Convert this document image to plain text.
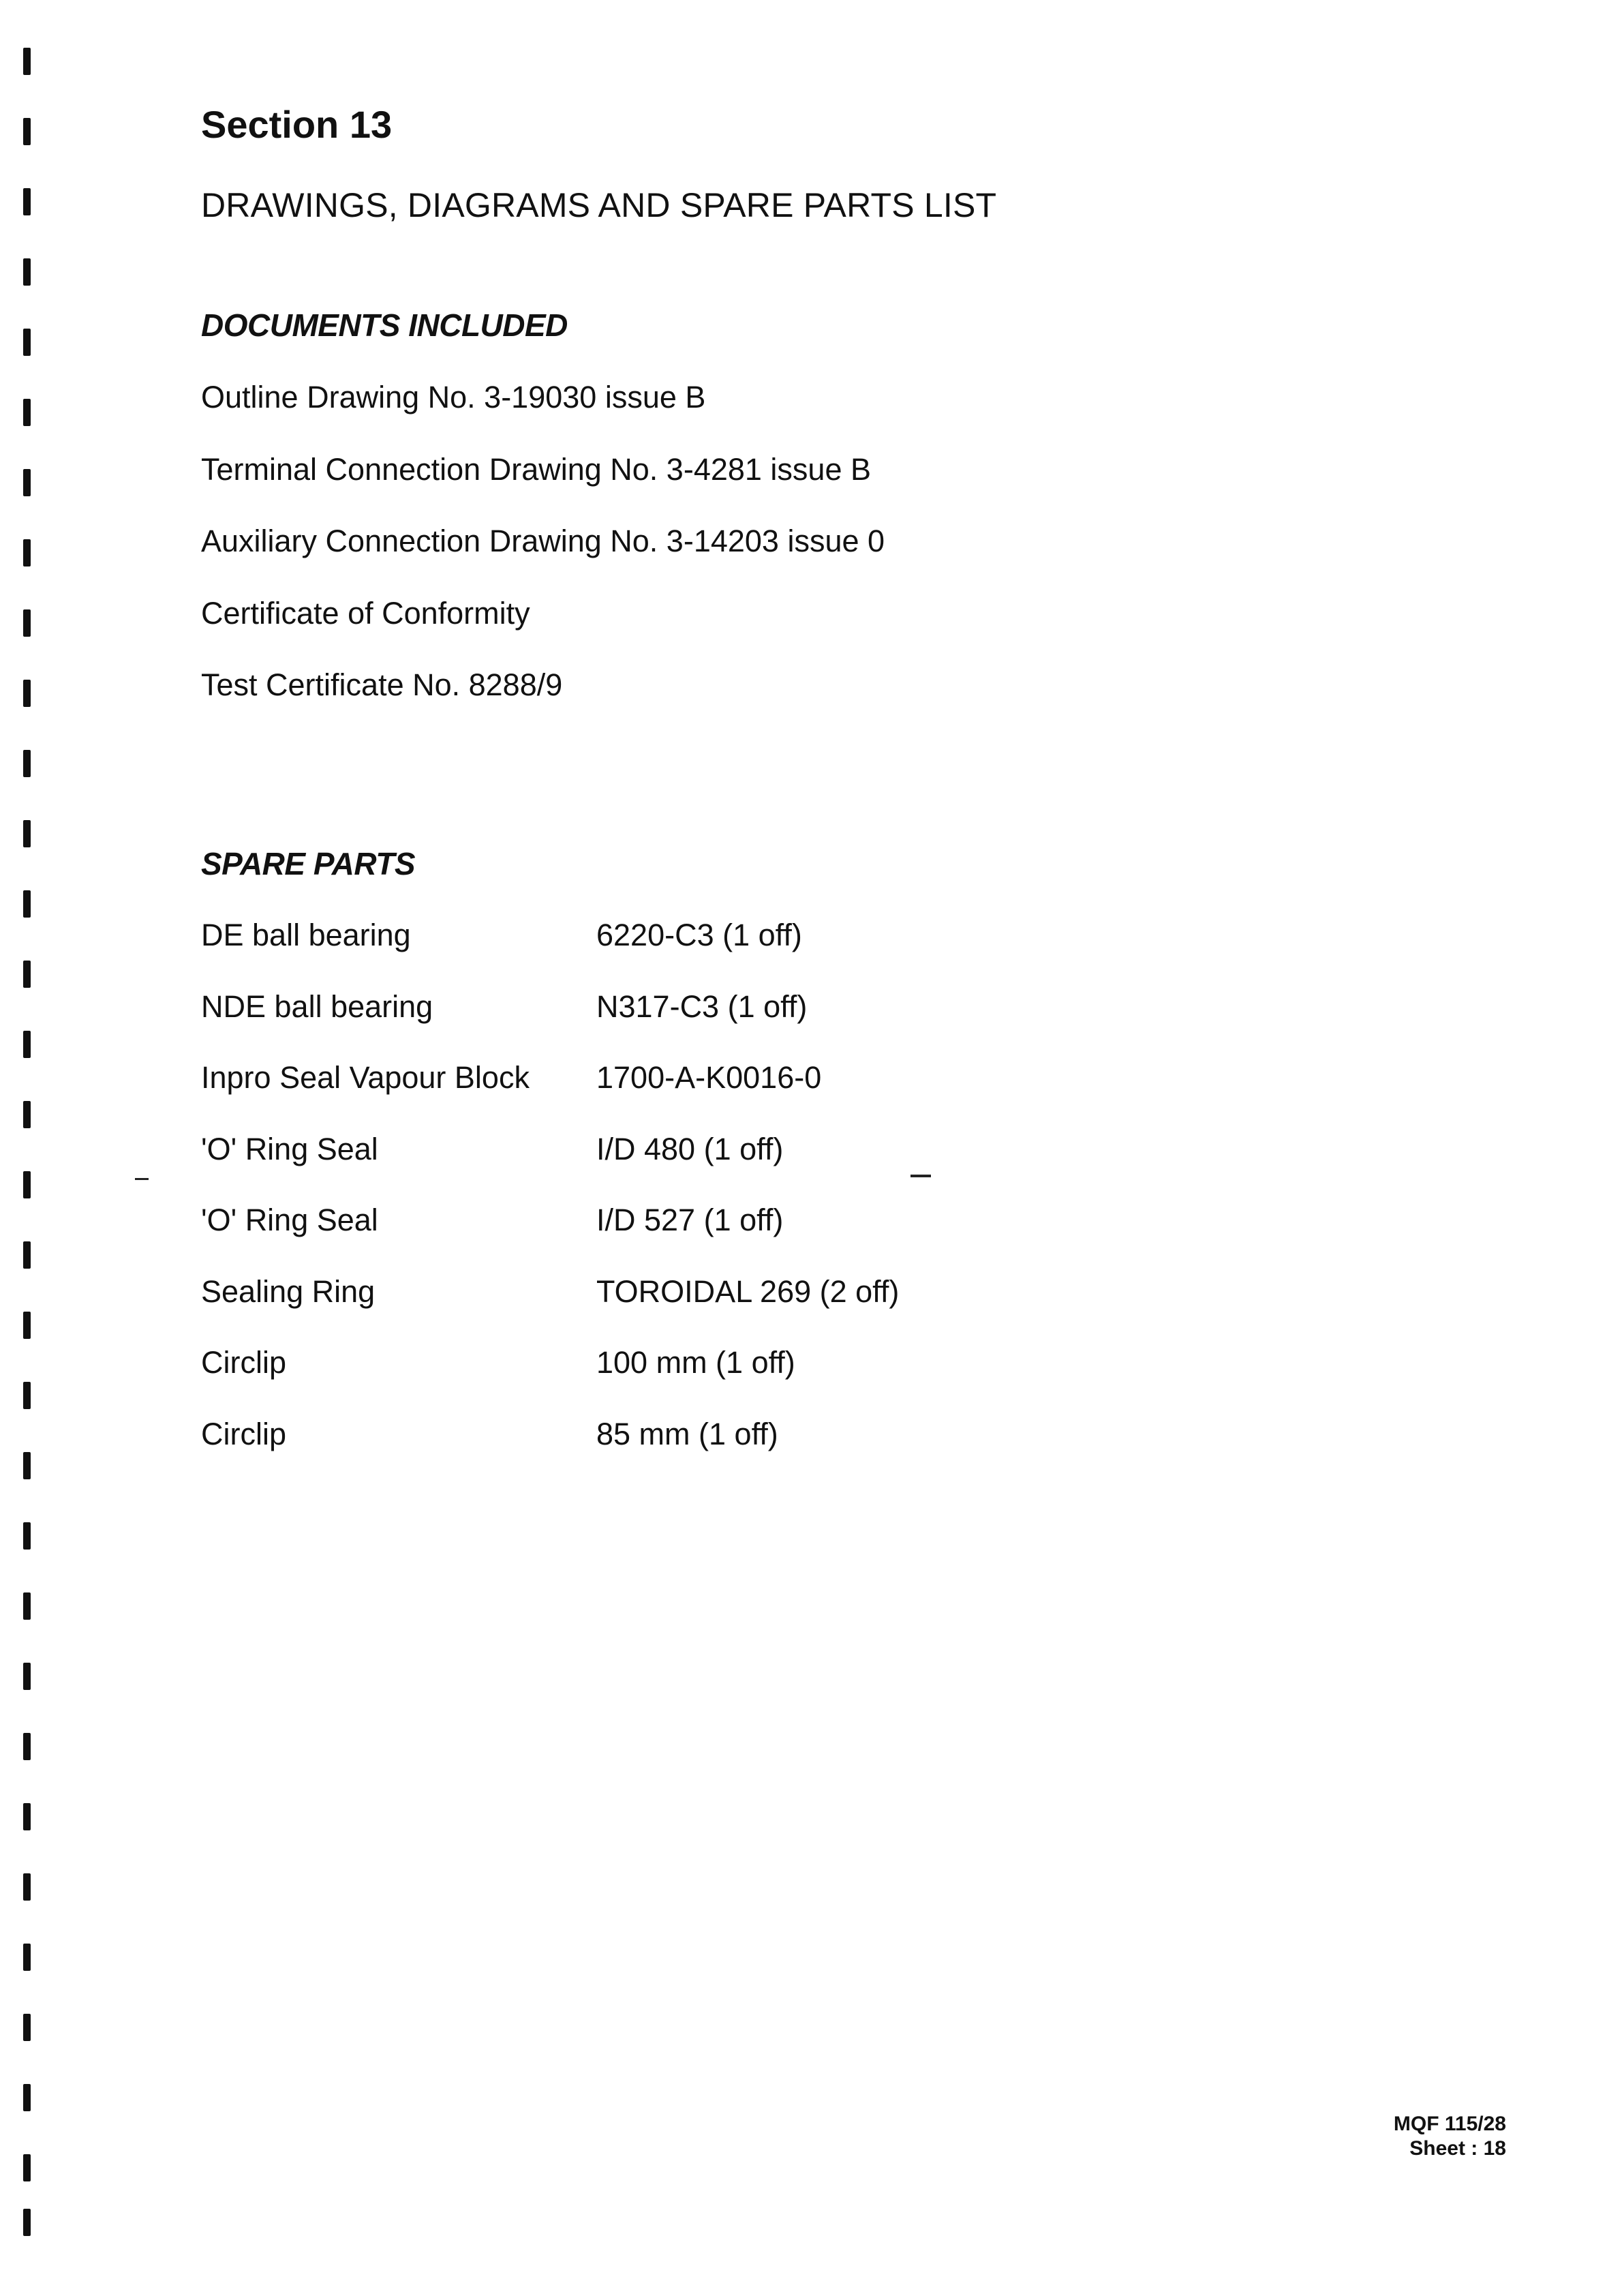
Section 13
DRAWINGS, DIAGRAMS AND SPARE PARTS LIST
DOCUMENTS INCLUDED
Outline Drawing No. 3-19030 issue B
Terminal Connection Drawing No. 3-4281 issue B
Auxiliary Connection Drawing No. 3-14203 issue 0
Certificate of Conformity
Test Certificate No. 8288/9
SPARE PARTS
DE ball bearing	6220-C3 (1 off)
NDE ball bearing	N317-C3 (1 off)
Inpro Seal Vapour Block	1700-A-K0016-0
'O' Ring Seal	I/D 480 (1 off)
'O' Ring Seal	I/D 527 (1 off)
Sealing Ring	TOROIDAL 269 (2 off)
Circlip	100 mm (1 off)
Circlip	85 mm (1 off)
MQF 115/28
Sheet : 18
